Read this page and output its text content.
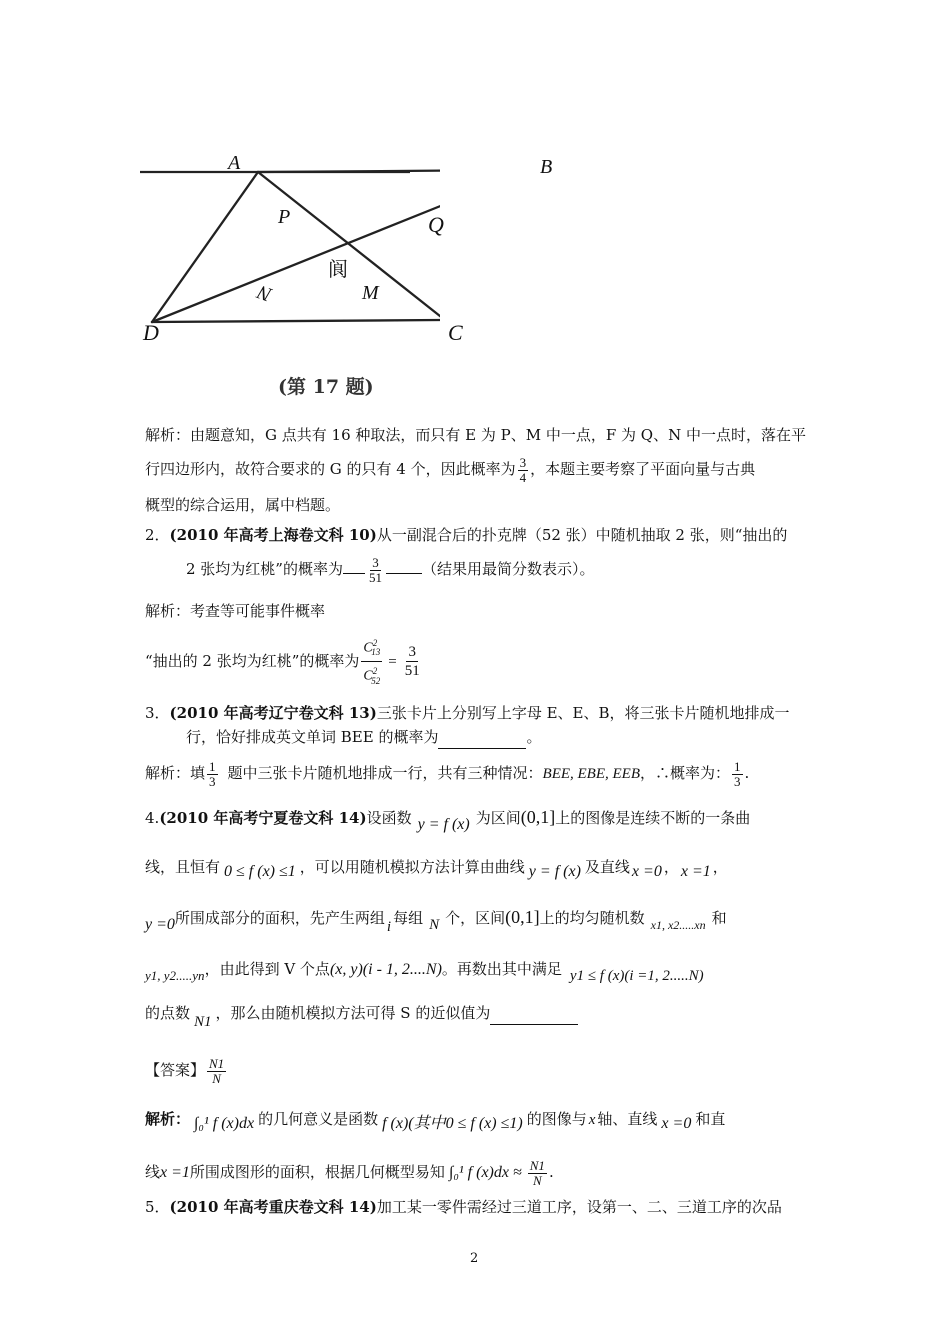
A	B
P	Q
阆
N	M
D	C
(第 17 题)
解析：由题意知，G 点共有 16 种取法，而只有 E 为 P、M 中一点，F 为 Q、N 中一点时，落在平
行四边形内，故符合要求的 G 的只有 4 个，因此概率为 $\frac{3}{4}$ ，本题主要考察了平面向量与古典
概型的综合运用，属中档题。
2．(2010 年高考上海卷文科 10)从一副混合后的扑克牌（52 张）中随机抽取 2 张，则“抽出的
2 张均为红桃”的概率为 $\frac{3}{51}$	（结果用最简分数表示）。
解析：考查等可能事件概率
“抽出的 2 张均为红桃”的概率为 $\frac{C^2_{13}}{C^2_{52}} = \frac{3}{51}$
3．(2010 年高考辽宁卷文科 13)三张卡片上分别写上字母 E、E、B，将三张卡片随机地排成一
行，恰好排成英文单词 BEE 的概率为	。
解析：填 $\frac{1}{3}$ 题中三张卡片随机地排成一行，共有三种情况：BEE, EBE, EEB，∴概率为： $\frac{1}{3}$ .
4.(2010 年高考宁夏卷文科 14)设函数 y = f (x) 为区间(0,1]上的图像是连续不断的一条曲
线，且恒有 0 ≤ f (x) ≤1 ，可以用随机模拟方法计算由曲线 y = f (x) 及直线 x =0 ， x =1 ，
y =0所围成部分的面积，先产生两组 i 每组 N 个，区间(0,1]上的均匀随机数 $_{x1, x2.....xn}$ 和
y1, y2.....yn，由此得到 V 个点(x, y)(i - 1, 2....N)。再数出其中满足 y1 ≤ f (x)(i =1, 2.....N)
的点数 N1 ，那么由随机模拟方法可得 S 的近似值为
【答案】 $\frac{N1}{N}$
解析： ∫₀¹ f (x)dx 的几何意义是函数 f (x)(其中0 ≤ f (x) ≤1) 的图像与 x 轴、直线 x =0 和直
线x =1所围成图形的面积，根据几何概型易知 ∫₀¹ f $(x)dx \approx \frac{N1}{N}$ .
5．(2010 年高考重庆卷文科 14)加工某一零件需经过三道工序，设第一、二、三道工序的次品
2
